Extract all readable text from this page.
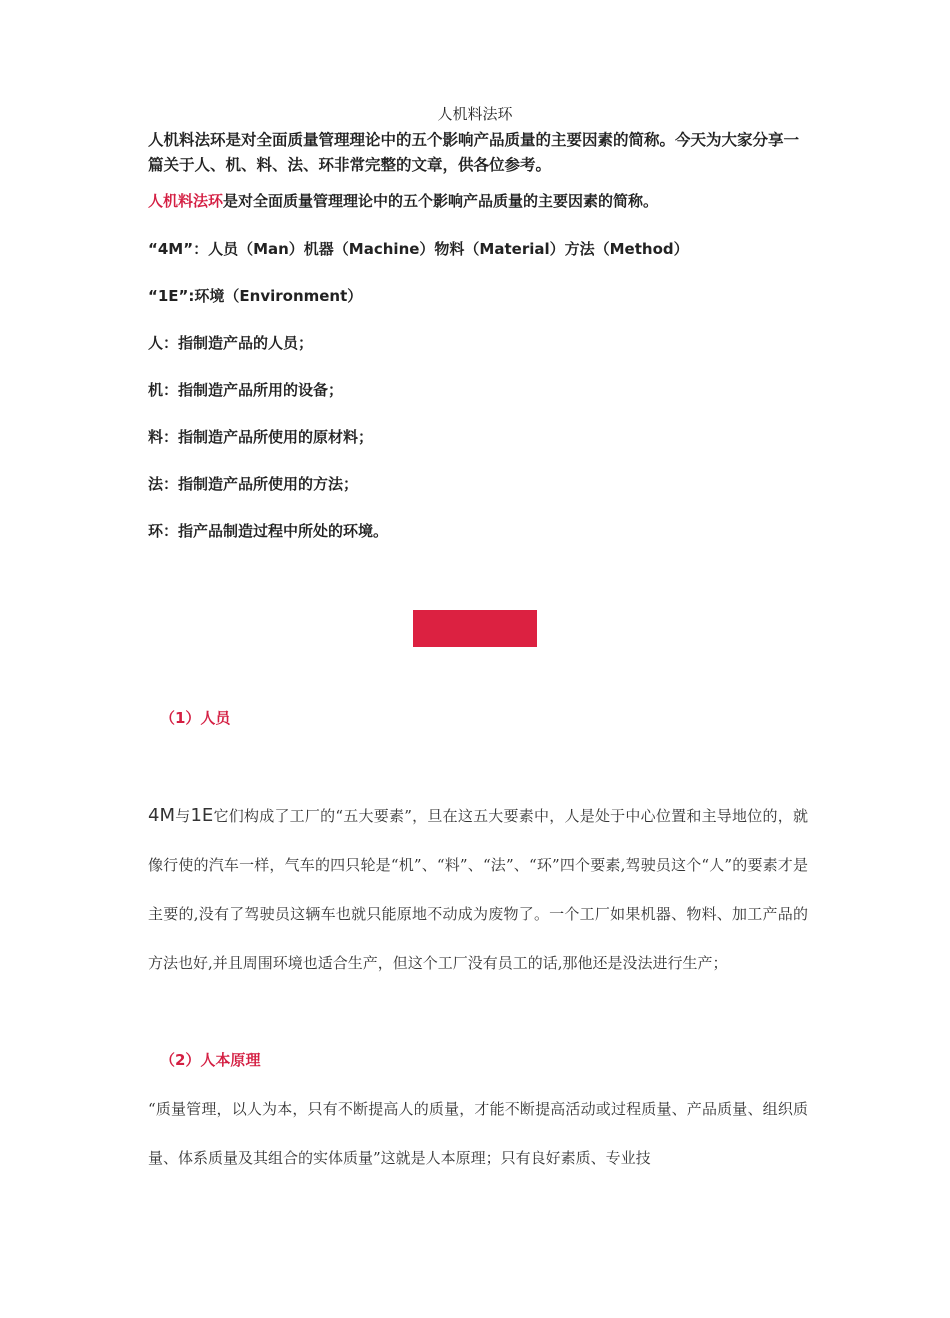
人机料法环
人机料法环是对全面质量管理理论中的五个影响产品质量的主要因素的简称。今天为大家分享一篇关于人、机、料、法、环非常完整的文章，供各位参考。
人机料法环是对全面质量管理理论中的五个影响产品质量的主要因素的简称。
“4M”：人员（Man）机器（Machine）物料（Material）方法（Method）
“1E”:环境（Environment）
人：指制造产品的人员；
机：指制造产品所用的设备；
料：指制造产品所使用的原材料；
法：指制造产品所使用的方法；
环：指产品制造过程中所处的环境。
（1）人员
4M与1E它们构成了工厂的“五大要素”，旦在这五大要素中，人是处于中心位置和主导地位的，就像行使的汽车一样，气车的四只轮是“机”、“料”、“法”、“环”四个要素,驾驶员这个“人”的要素才是主要的,没有了驾驶员这辆车也就只能原地不动成为废物了。一个工厂如果机器、物料、加工产品的方法也好,并且周围环境也适合生产，但这个工厂没有员工的话,那他还是没法进行生产；
（2）人本原理
“质量管理，以人为本，只有不断提高人的质量，才能不断提高活动或过程质量、产品质量、组织质量、体系质量及其组合的实体质量”这就是人本原理；只有良好素质、专业技
